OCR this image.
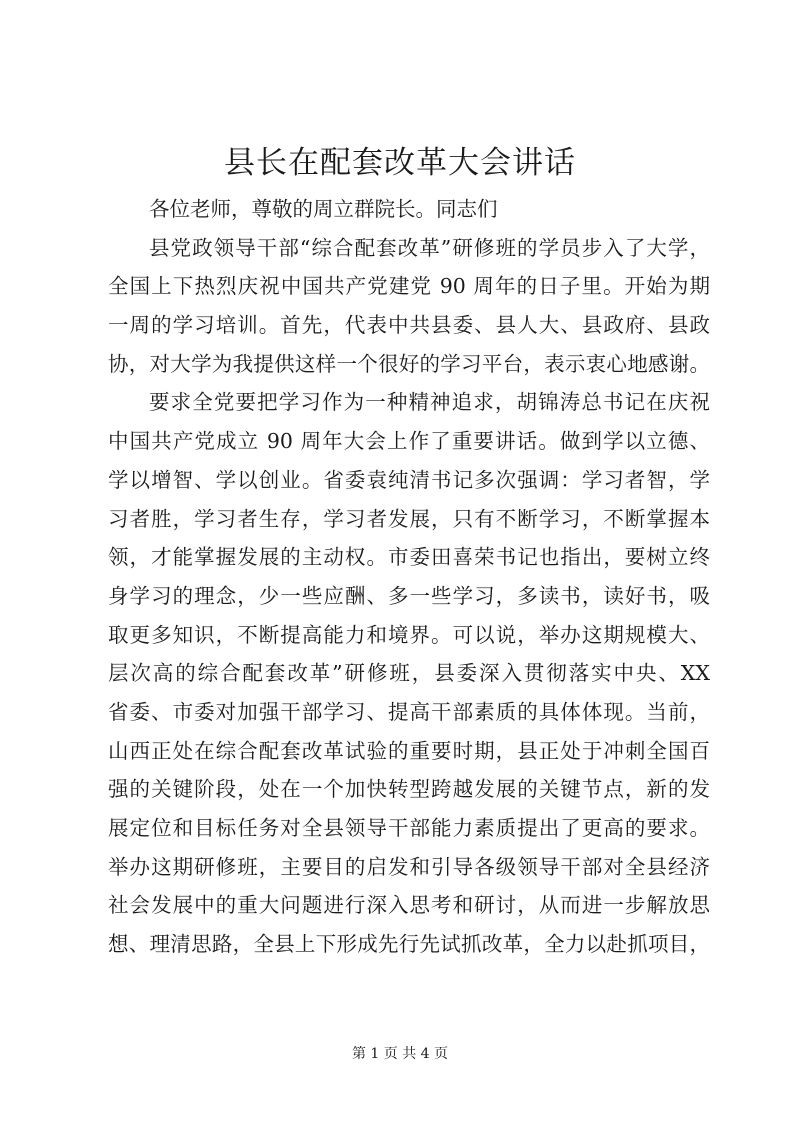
县长在配套改革大会讲话
各位老师，尊敬的周立群院长。同志们
县党政领导干部“综合配套改革”研修班的学员步入了大学，
全国上下热烈庆祝中国共产党建党 90 周年的日子里。开始为期
一周的学习培训。首先，代表中共县委、县人大、县政府、县政
协，对大学为我提供这样一个很好的学习平台，表示衷心地感谢。
要求全党要把学习作为一种精神追求，胡锦涛总书记在庆祝
中国共产党成立 90 周年大会上作了重要讲话。做到学以立德、
学以增智、学以创业。省委袁纯清书记多次强调：学习者智，学
习者胜，学习者生存，学习者发展，只有不断学习，不断掌握本
领，才能掌握发展的主动权。市委田喜荣书记也指出，要树立终
身学习的理念，少一些应酬、多一些学习，多读书，读好书，吸
取更多知识，不断提高能力和境界。可以说，举办这期规模大、
层次高的综合配套改革”研修班，县委深入贯彻落实中央、XX
省委、市委对加强干部学习、提高干部素质的具体体现。当前，
山西正处在综合配套改革试验的重要时期，县正处于冲刺全国百
强的关键阶段，处在一个加快转型跨越发展的关键节点，新的发
展定位和目标任务对全县领导干部能力素质提出了更高的要求。
举办这期研修班，主要目的启发和引导各级领导干部对全县经济
社会发展中的重大问题进行深入思考和研讨，从而进一步解放思
想、理清思路，全县上下形成先行先试抓改革，全力以赴抓项目，
第 1 页 共 4 页
